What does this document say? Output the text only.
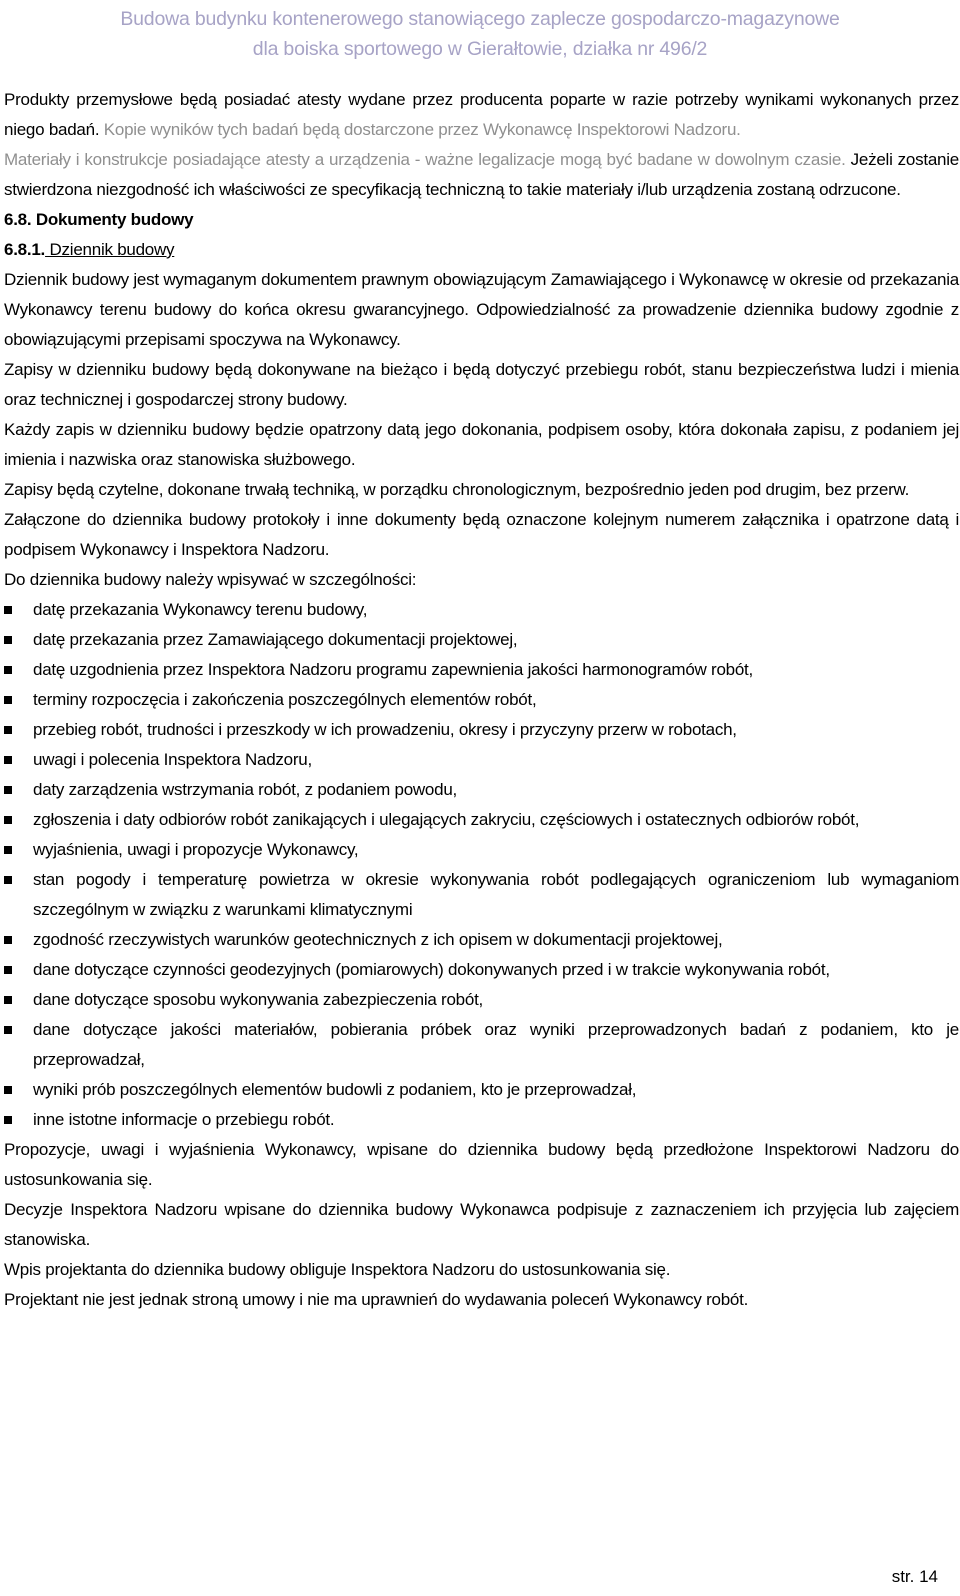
Budowa budynku kontenerowego stanowiącego zaplecze gospodarczo-magazynowe
dla boiska sportowego w Gierałtowie, działka nr 496/2

Produkty przemysłowe będą posiadać atesty wydane przez producenta poparte w razie potrzeby wynikami wykonanych przez niego badań. Kopie wyników tych badań będą dostarczone przez Wykonawcę Inspektorowi Nadzoru.

Materiały i konstrukcje posiadające atesty a urządzenia - ważne legalizacje mogą być badane w dowolnym czasie. Jeżeli zostanie stwierdzona niezgodność ich właściwości ze specyfikacją techniczną to takie materiały i/lub urządzenia zostaną odrzucone.

6.8. Dokumenty budowy

6.8.1. Dziennik budowy

Dziennik budowy jest wymaganym dokumentem prawnym obowiązującym Zamawiającego i Wykonawcę w okresie od przekazania Wykonawcy terenu budowy do końca okresu gwarancyjnego. Odpowiedzialność za prowadzenie dziennika budowy zgodnie z obowiązującymi przepisami spoczywa na Wykonawcy.

Zapisy w dzienniku budowy będą dokonywane na bieżąco i będą dotyczyć przebiegu robót, stanu bezpieczeństwa ludzi i mienia oraz technicznej i gospodarczej strony budowy.

Każdy zapis w dzienniku budowy będzie opatrzony datą jego dokonania, podpisem osoby, która dokonała zapisu, z podaniem jej imienia i nazwiska oraz stanowiska służbowego.

Zapisy będą czytelne, dokonane trwałą techniką, w porządku chronologicznym, bezpośrednio jeden pod drugim, bez przerw.

Załączone do dziennika budowy protokoły i inne dokumenty będą oznaczone kolejnym numerem załącznika i opatrzone datą i podpisem Wykonawcy i Inspektora Nadzoru.

Do dziennika budowy należy wpisywać w szczególności:

datę przekazania Wykonawcy terenu budowy,
datę przekazania przez Zamawiającego dokumentacji projektowej,
datę uzgodnienia przez Inspektora Nadzoru programu zapewnienia jakości harmonogramów robót,
terminy rozpoczęcia i zakończenia poszczególnych elementów robót,
przebieg robót, trudności i przeszkody w ich prowadzeniu, okresy i przyczyny przerw w robotach,
uwagi i polecenia Inspektora Nadzoru,
daty zarządzenia wstrzymania robót, z podaniem powodu,
zgłoszenia i daty odbiorów robót zanikających i ulegających zakryciu, częściowych i ostatecznych odbiorów robót,
wyjaśnienia, uwagi i propozycje Wykonawcy,
stan pogody i temperaturę powietrza w okresie wykonywania robót podlegających ograniczeniom lub wymaganiom szczególnym w związku z warunkami klimatycznymi
zgodność rzeczywistych warunków geotechnicznych z ich opisem w dokumentacji projektowej,
dane dotyczące czynności geodezyjnych (pomiarowych) dokonywanych przed i w trakcie wykonywania robót,
dane dotyczące sposobu wykonywania zabezpieczenia robót,
dane dotyczące jakości materiałów, pobierania próbek oraz wyniki przeprowadzonych badań z podaniem, kto je przeprowadzał,
wyniki prób poszczególnych elementów budowli z podaniem, kto je przeprowadzał,
inne istotne informacje o przebiegu robót.

Propozycje, uwagi i wyjaśnienia Wykonawcy, wpisane do dziennika budowy będą przedłożone Inspektorowi Nadzoru do ustosunkowania się.

Decyzje Inspektora Nadzoru wpisane do dziennika budowy Wykonawca podpisuje z zaznaczeniem ich przyjęcia lub zajęciem stanowiska.

Wpis projektanta do dziennika budowy obliguje Inspektora Nadzoru do ustosunkowania się.

Projektant nie jest jednak stroną umowy i nie ma uprawnień do wydawania poleceń Wykonawcy robót.

str. 14
